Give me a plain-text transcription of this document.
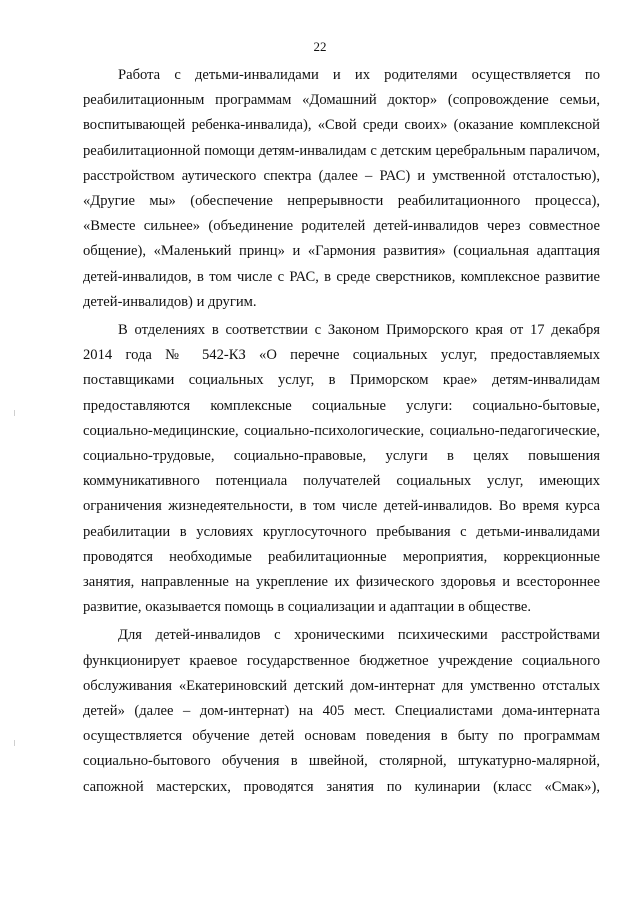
22

Работа с детьми-инвалидами и их родителями осуществляется по реабилитационным программам «Домашний доктор» (сопровождение семьи, воспитывающей ребенка-инвалида), «Свой среди своих» (оказание комплексной реабилитационной помощи детям-инвалидам с детским церебральным параличом, расстройством аутического спектра (далее – РАС) и умственной отсталостью), «Другие мы» (обеспечение непрерывности реабилитационного процесса), «Вместе сильнее» (объединение родителей детей-инвалидов через совместное общение), «Маленький принц» и «Гармония развития» (социальная адаптация детей-инвалидов, в том числе с РАС, в среде сверстников, комплексное развитие детей-инвалидов) и другим.

В отделениях в соответствии с Законом Приморского края от 17 декабря 2014 года № 542-КЗ «О перечне социальных услуг, предоставляемых поставщиками социальных услуг, в Приморском крае» детям-инвалидам предоставляются комплексные социальные услуги: социально-бытовые, социально-медицинские, социально-психологические, социально-педагогические, социально-трудовые, социально-правовые, услуги в целях повышения коммуникативного потенциала получателей социальных услуг, имеющих ограничения жизнедеятельности, в том числе детей-инвалидов. Во время курса реабилитации в условиях круглосуточного пребывания с детьми-инвалидами проводятся необходимые реабилитационные мероприятия, коррекционные занятия, направленные на укрепление их физического здоровья и всестороннее развитие, оказывается помощь в социализации и адаптации в обществе.

Для детей-инвалидов с хроническими психическими расстройствами функционирует краевое государственное бюджетное учреждение социального обслуживания «Екатериновский детский дом-интернат для умственно отсталых детей» (далее – дом-интернат) на 405 мест. Специалистами дома-интерната осуществляется обучение детей основам поведения в быту по программам социально-бытового обучения в швейной, столярной, штукатурно-малярной, сапожной мастерских, проводятся занятия по кулинарии (класс «Смак»),
